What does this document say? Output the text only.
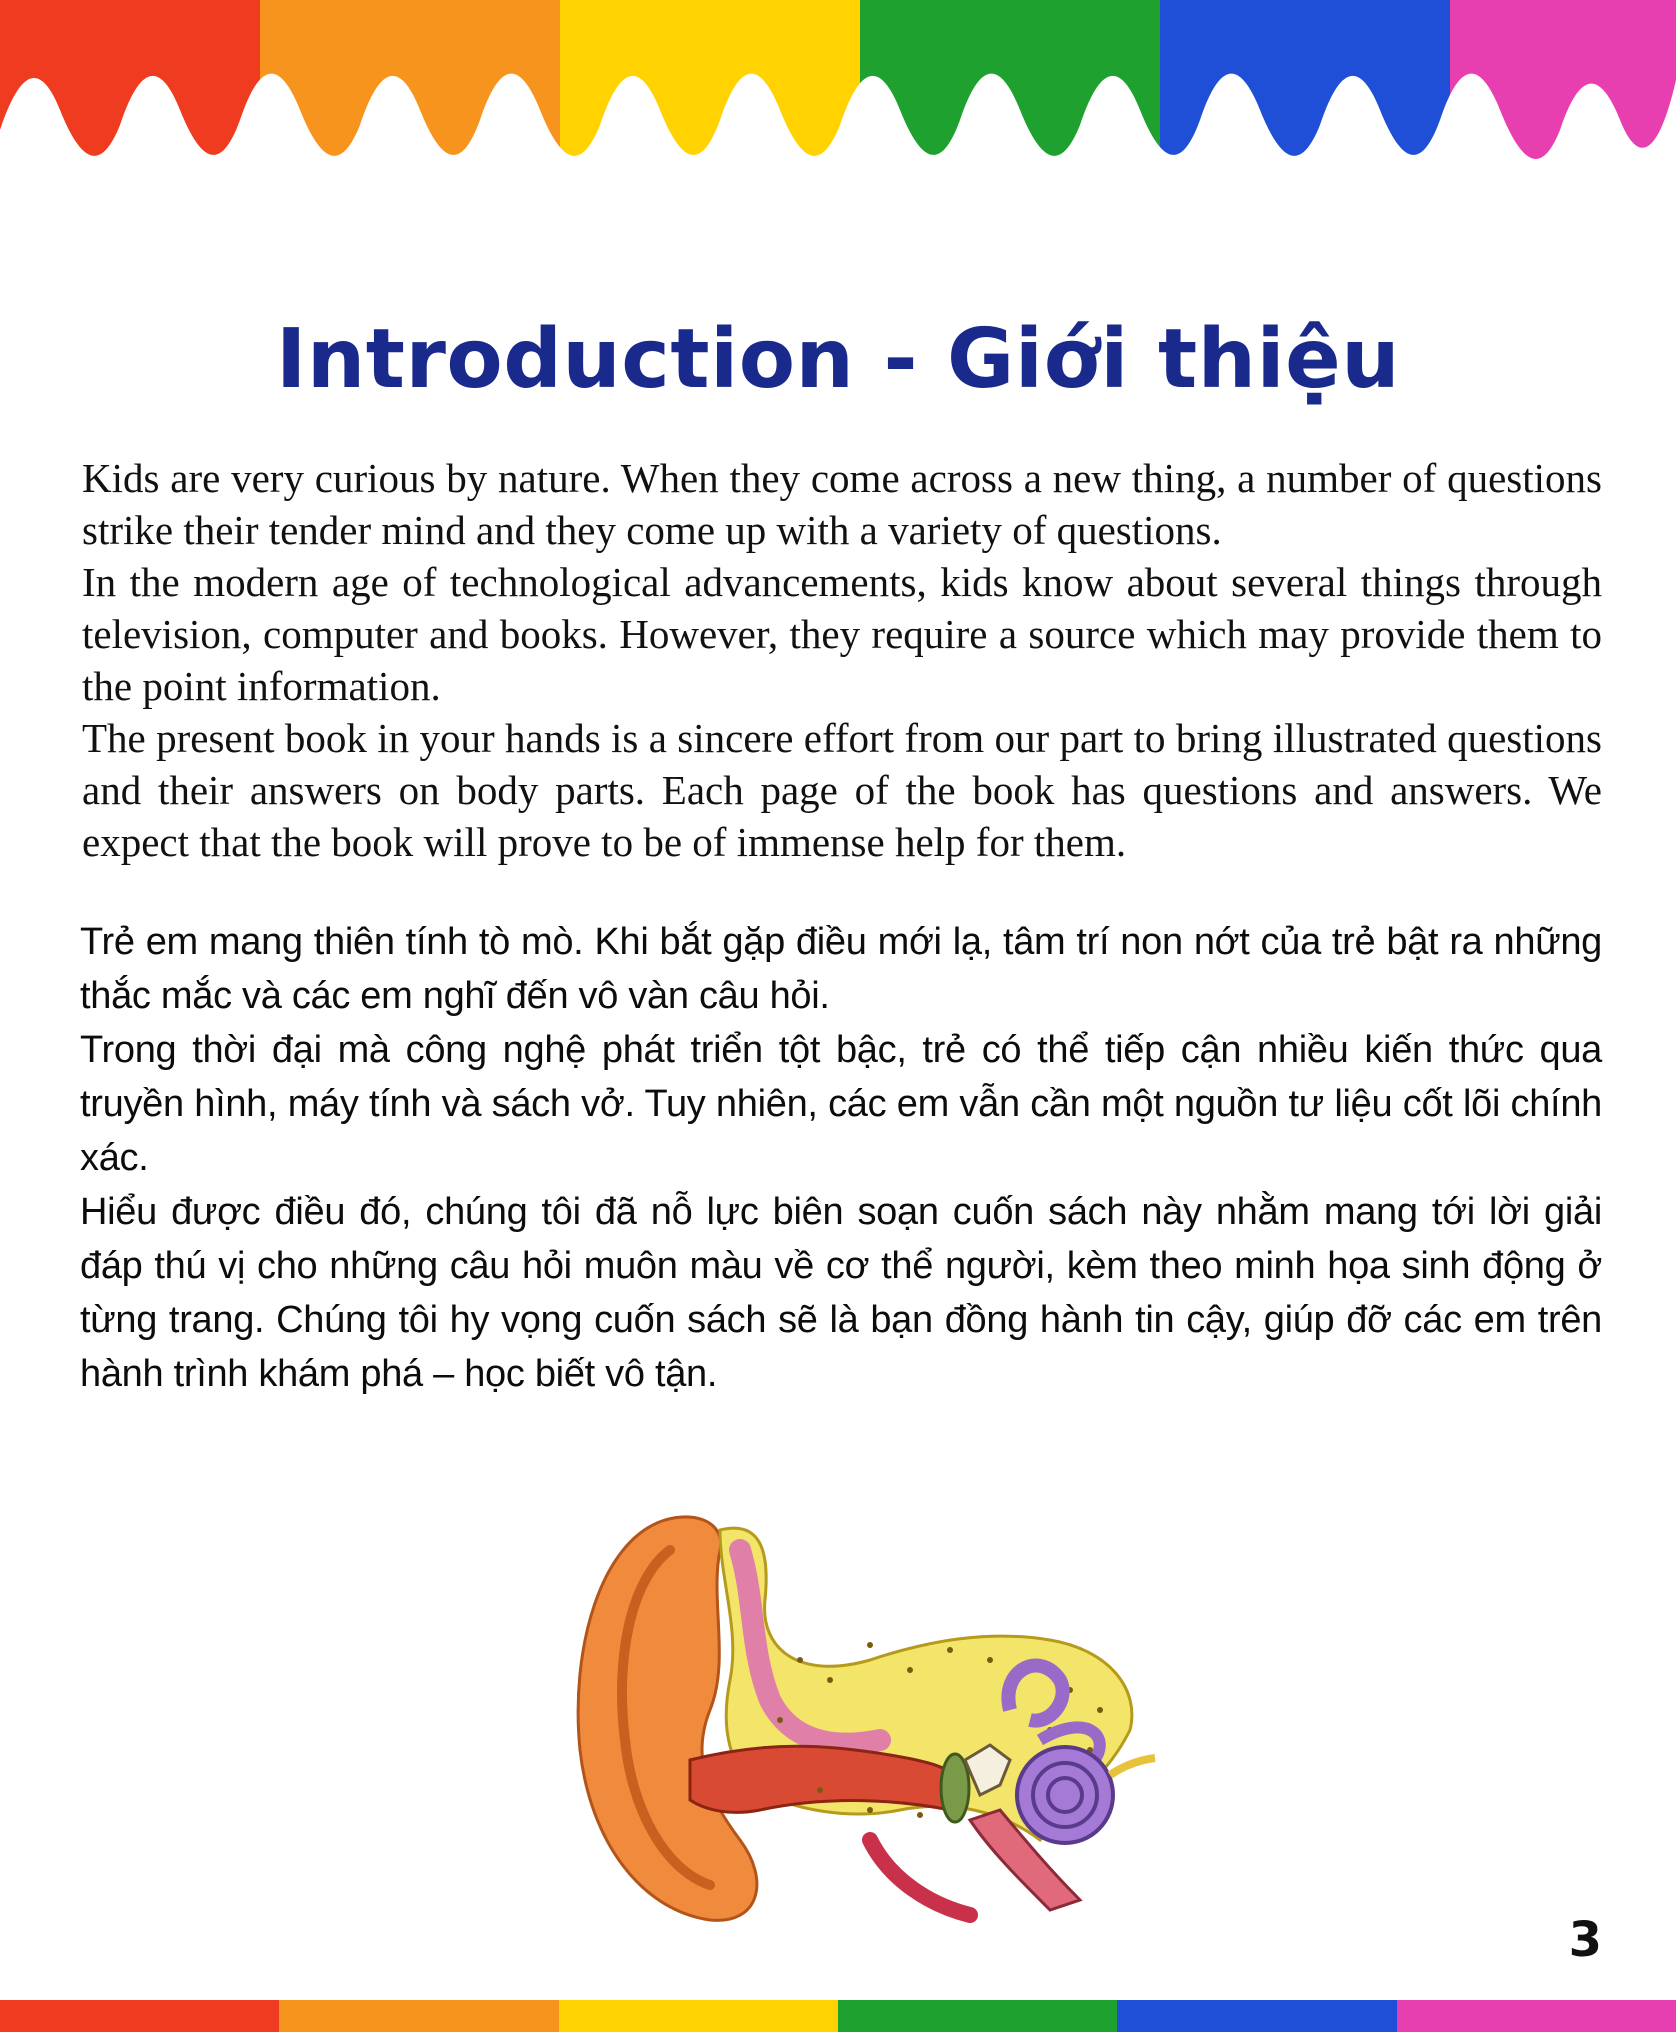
Introduction - Giới thiệu

Kids are very curious by nature. When they come across a new thing, a number of questions strike their tender mind and they come up with a variety of questions.

In the modern age of technological advancements, kids know about several things through television, computer and books. However, they require a source which may provide them to the point information.

The present book in your hands is a sincere effort from our part to bring illustrated questions and their answers on body parts. Each page of the book has questions and answers. We expect that the book will prove to be of immense help for them.

Trẻ em mang thiên tính tò mò. Khi bắt gặp điều mới lạ, tâm trí non nớt của trẻ bật ra những thắc mắc và các em nghĩ đến vô vàn câu hỏi.

Trong thời đại mà công nghệ phát triển tột bậc, trẻ có thể tiếp cận nhiều kiến thức qua truyền hình, máy tính và sách vở. Tuy nhiên, các em vẫn cần một nguồn tư liệu cốt lõi chính xác.

Hiểu được điều đó, chúng tôi đã nỗ lực biên soạn cuốn sách này nhằm mang tới lời giải đáp thú vị cho những câu hỏi muôn màu về cơ thể người, kèm theo minh họa sinh động ở từng trang. Chúng tôi hy vọng cuốn sách sẽ là bạn đồng hành tin cậy, giúp đỡ các em trên hành trình khám phá – học biết vô tận.

3
